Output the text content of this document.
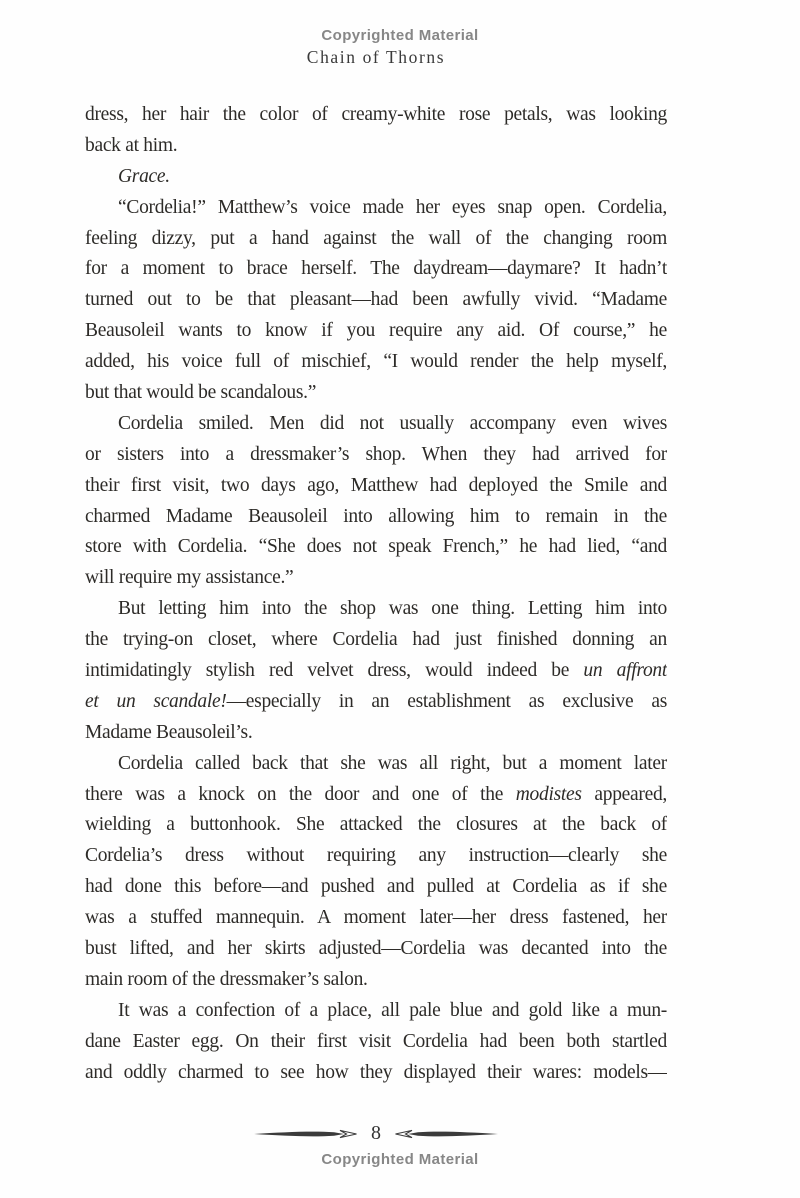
Copyrighted Material
Chain of Thorns
dress, her hair the color of creamy-white rose petals, was looking
back at him.
Grace.
“Cordelia!” Matthew’s voice made her eyes snap open. Cordelia,
feeling dizzy, put a hand against the wall of the changing room
for a moment to brace herself. The daydream—daymare? It hadn’t
turned out to be that pleasant—had been awfully vivid. “Madame
Beausoleil wants to know if you require any aid. Of course,” he
added, his voice full of mischief, “I would render the help myself,
but that would be scandalous.”
Cordelia smiled. Men did not usually accompany even wives
or sisters into a dressmaker’s shop. When they had arrived for
their first visit, two days ago, Matthew had deployed the Smile and
charmed Madame Beausoleil into allowing him to remain in the
store with Cordelia. “She does not speak French,” he had lied, “and
will require my assistance.”
But letting him into the shop was one thing. Letting him into
the trying-on closet, where Cordelia had just finished donning an
intimidatingly stylish red velvet dress, would indeed be un affront
et un scandale!—especially in an establishment as exclusive as
Madame Beausoleil’s.
Cordelia called back that she was all right, but a moment later
there was a knock on the door and one of the modistes appeared,
wielding a buttonhook. She attacked the closures at the back of
Cordelia’s dress without requiring any instruction—clearly she
had done this before—and pushed and pulled at Cordelia as if she
was a stuffed mannequin. A moment later—her dress fastened, her
bust lifted, and her skirts adjusted—Cordelia was decanted into the
main room of the dressmaker’s salon.
It was a confection of a place, all pale blue and gold like a mun-
dane Easter egg. On their first visit Cordelia had been both startled
and oddly charmed to see how they displayed their wares: models—
8
Copyrighted Material
